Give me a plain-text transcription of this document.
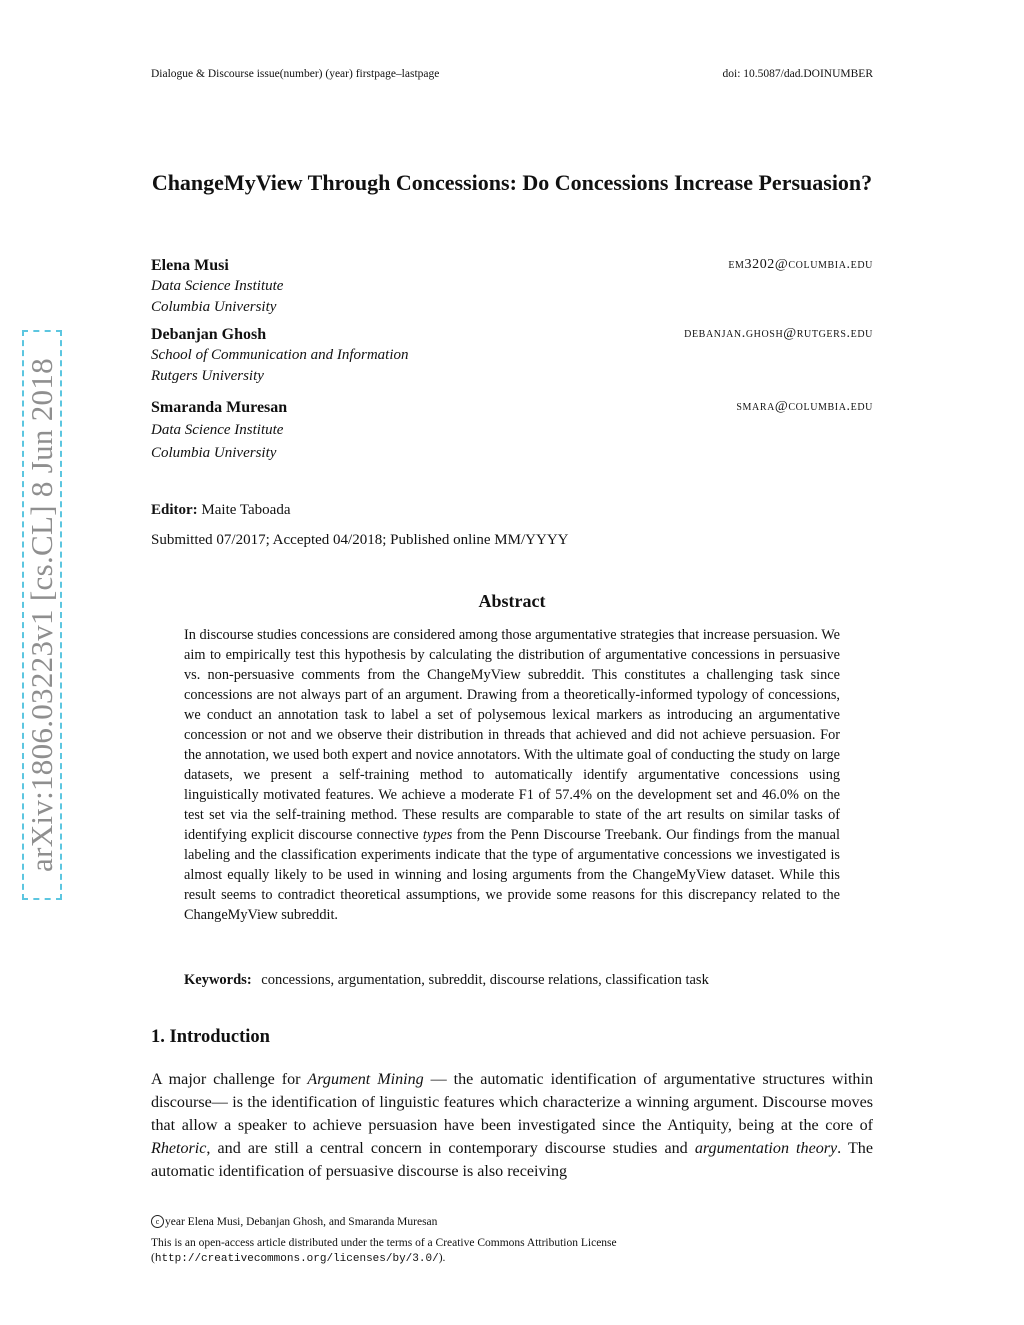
Dialogue & Discourse issue(number) (year) firstpage–lastpage	doi: 10.5087/dad.DOINUMBER
arXiv:1806.03223v1 [cs.CL] 8 Jun 2018
ChangeMyView Through Concessions: Do Concessions Increase Persuasion?
Elena Musi	em3202@columbia.edu
Data Science Institute
Columbia University
Debanjan Ghosh	debanjan.ghosh@rutgers.edu
School of Communication and Information
Rutgers University
Smaranda Muresan	smara@columbia.edu
Data Science Institute
Columbia University
Editor: Maite Taboada
Submitted 07/2017; Accepted 04/2018; Published online MM/YYYY
Abstract

In discourse studies concessions are considered among those argumentative strategies that increase persuasion. We aim to empirically test this hypothesis by calculating the distribution of argumentative concessions in persuasive vs. non-persuasive comments from the ChangeMyView subreddit. This constitutes a challenging task since concessions are not always part of an argument. Drawing from a theoretically-informed typology of concessions, we conduct an annotation task to label a set of polysemous lexical markers as introducing an argumentative concession or not and we observe their distribution in threads that achieved and did not achieve persuasion. For the annotation, we used both expert and novice annotators. With the ultimate goal of conducting the study on large datasets, we present a self-training method to automatically identify argumentative concessions using linguistically motivated features. We achieve a moderate F1 of 57.4% on the development set and 46.0% on the test set via the self-training method. These results are comparable to state of the art results on similar tasks of identifying explicit discourse connective types from the Penn Discourse Treebank. Our findings from the manual labeling and the classification experiments indicate that the type of argumentative concessions we investigated is almost equally likely to be used in winning and losing arguments from the ChangeMyView dataset. While this result seems to contradict theoretical assumptions, we provide some reasons for this discrepancy related to the ChangeMyView subreddit.

Keywords: concessions, argumentation, subreddit, discourse relations, classification task
1. Introduction

A major challenge for Argument Mining — the automatic identification of argumentative structures within discourse— is the identification of linguistic features which characterize a winning argument. Discourse moves that allow a speaker to achieve persuasion have been investigated since the Antiquity, being at the core of Rhetoric, and are still a central concern in contemporary discourse studies and argumentation theory. The automatic identification of persuasive discourse is also receiving

c year Elena Musi, Debanjan Ghosh, and Smaranda Muresan
This is an open-access article distributed under the terms of a Creative Commons Attribution License
(http://creativecommons.org/licenses/by/3.0/).
